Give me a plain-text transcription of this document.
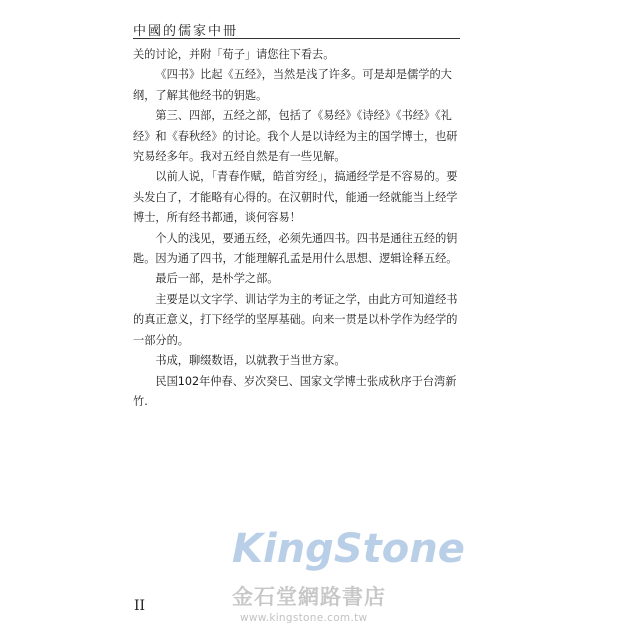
中國的儒家中冊

关的讨论，并附「荀子」请您往下看去。

《四书》比起《五经》，当然是浅了许多。可是却是儒学的大纲，了解其他经书的钥匙。

第三、四部，五经之部，包括了《易经》《诗经》《书经》《礼经》和《春秋经》的讨论。我个人是以诗经为主的国学博士，也研究易经多年。我对五经自然是有一些见解。

以前人说，「青春作赋，皓首穷经」，搞通经学是不容易的。要头发白了，才能略有心得的。在汉朝时代，能通一经就能当上经学博士，所有经书都通，谈何容易！

个人的浅见，要通五经，必须先通四书。四书是通往五经的钥匙。因为通了四书，才能理解孔孟是用什么思想、逻辑诠释五经。

最后一部，是朴学之部。

主要是以文字学、训诂学为主的考证之学，由此方可知道经书的真正意义，打下经学的坚厚基础。向来一贯是以朴学作为经学的一部分的。

书成，聊缀数语，以就教于当世方家。

民国102年仲春、岁次癸巳、国家文学博士张成秋序于台湾新竹.

II
KingStone
金石堂網路書店
www.kingstone.com.tw
